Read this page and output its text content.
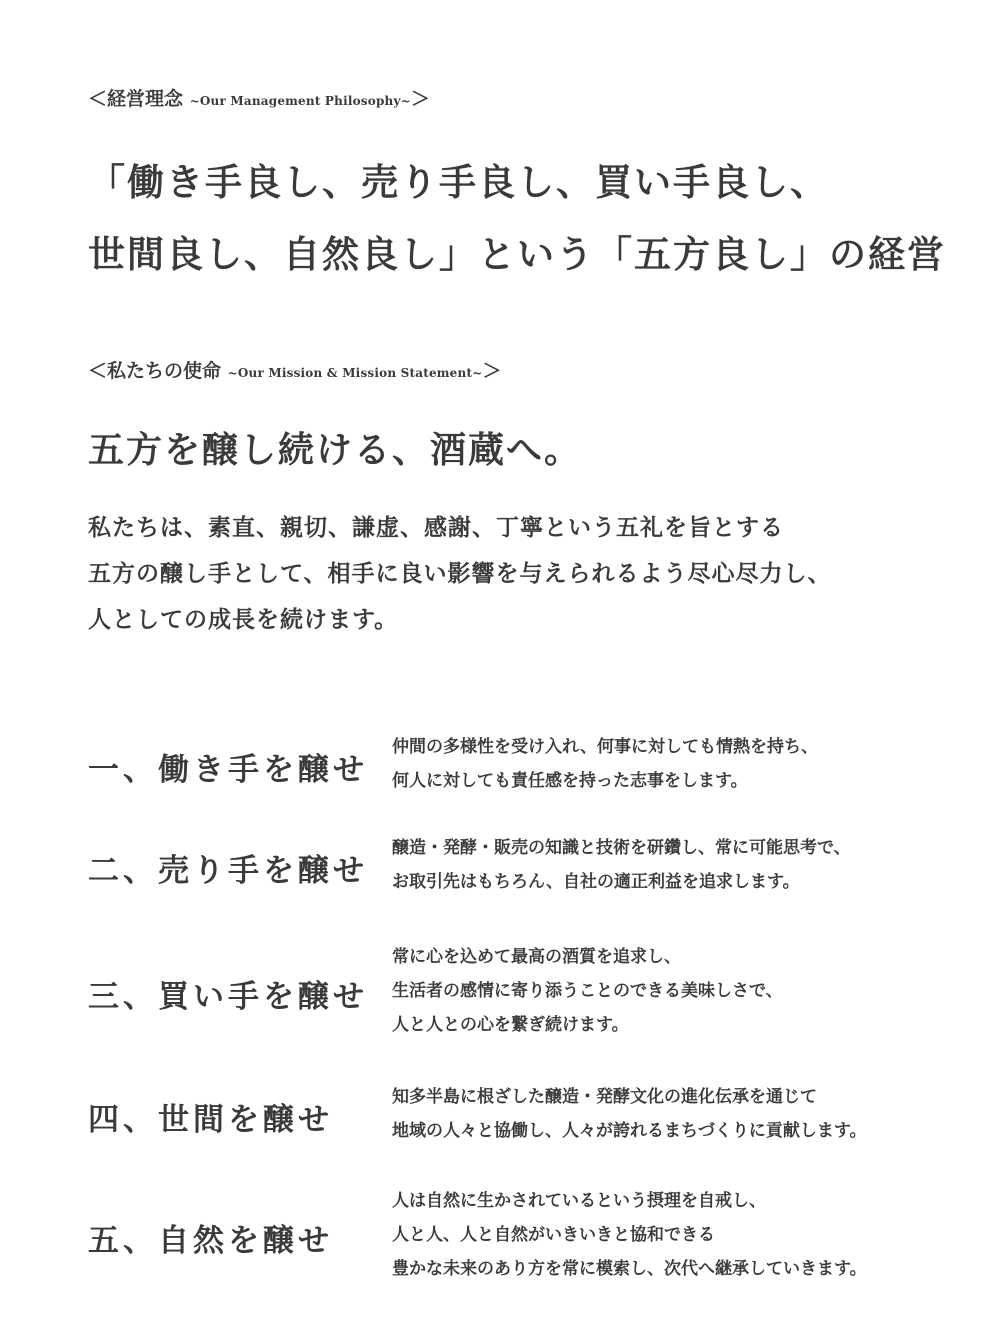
＜経営理念 ~Our Management Philosophy~＞
「働き手良し、売り手良し、買い手良し、
世間良し、自然良し」という「五方良し」の経営
＜私たちの使命 ~Our Mission & Mission Statement~＞
五方を醸し続ける、酒蔵へ。
私たちは、素直、親切、謙虚、感謝、丁寧という五礼を旨とする
五方の醸し手として、相手に良い影響を与えられるよう尽心尽力し、
人としての成長を続けます。
一、働き手を醸せ
仲間の多様性を受け入れ、何事に対しても情熱を持ち、
何人に対しても責任感を持った志事をします。
二、売り手を醸せ
醸造・発酵・販売の知識と技術を研鑽し、常に可能思考で、
お取引先はもちろん、自社の適正利益を追求します。
三、買い手を醸せ
常に心を込めて最高の酒質を追求し、
生活者の感情に寄り添うことのできる美味しさで、
人と人との心を繋ぎ続けます。
四、世間を醸せ
知多半島に根ざした醸造・発酵文化の進化伝承を通じて
地域の人々と協働し、人々が誇れるまちづくりに貢献します。
五、自然を醸せ
人は自然に生かされているという摂理を自戒し、
人と人、人と自然がいきいきと協和できる
豊かな未来のあり方を常に模索し、次代へ継承していきます。
